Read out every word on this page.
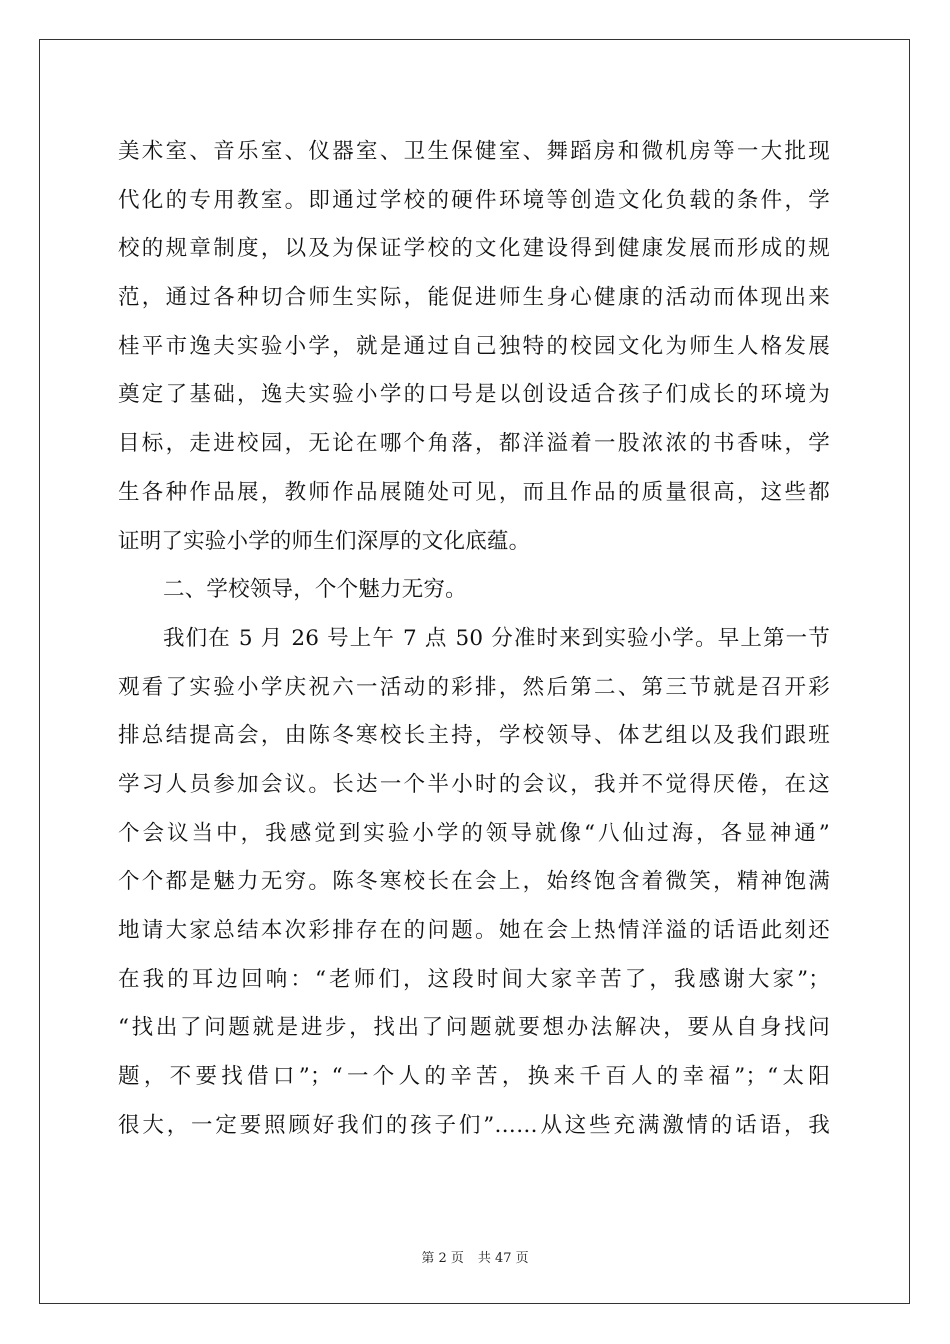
美术室、音乐室、仪器室、卫生保健室、舞蹈房和微机房等一大批现
代化的专用教室。即通过学校的硬件环境等创造文化负载的条件，学
校的规章制度，以及为保证学校的文化建设得到健康发展而形成的规
范，通过各种切合师生实际，能促进师生身心健康的活动而体现出来
桂平市逸夫实验小学，就是通过自己独特的校园文化为师生人格发展
奠定了基础，逸夫实验小学的口号是以创设适合孩子们成长的环境为
目标，走进校园，无论在哪个角落，都洋溢着一股浓浓的书香味，学
生各种作品展，教师作品展随处可见，而且作品的质量很高，这些都
证明了实验小学的师生们深厚的文化底蕴。
二、学校领导，个个魅力无穷。
我们在 5 月 26 号上午 7 点 50 分准时来到实验小学。早上第一节
观看了实验小学庆祝六一活动的彩排，然后第二、第三节就是召开彩
排总结提高会，由陈冬寒校长主持，学校领导、体艺组以及我们跟班
学习人员参加会议。长达一个半小时的会议，我并不觉得厌倦，在这
个会议当中，我感觉到实验小学的领导就像“八仙过海，各显神通”
个个都是魅力无穷。陈冬寒校长在会上，始终饱含着微笑，精神饱满
地请大家总结本次彩排存在的问题。她在会上热情洋溢的话语此刻还
在我的耳边回响：“老师们，这段时间大家辛苦了，我感谢大家”；
“找出了问题就是进步，找出了问题就要想办法解决，要从自身找问
题，不要找借口”；“一个人的辛苦，换来千百人的幸福”；“太阳
很大，一定要照顾好我们的孩子们”……从这些充满激情的话语，我
第 2 页 共 47 页
